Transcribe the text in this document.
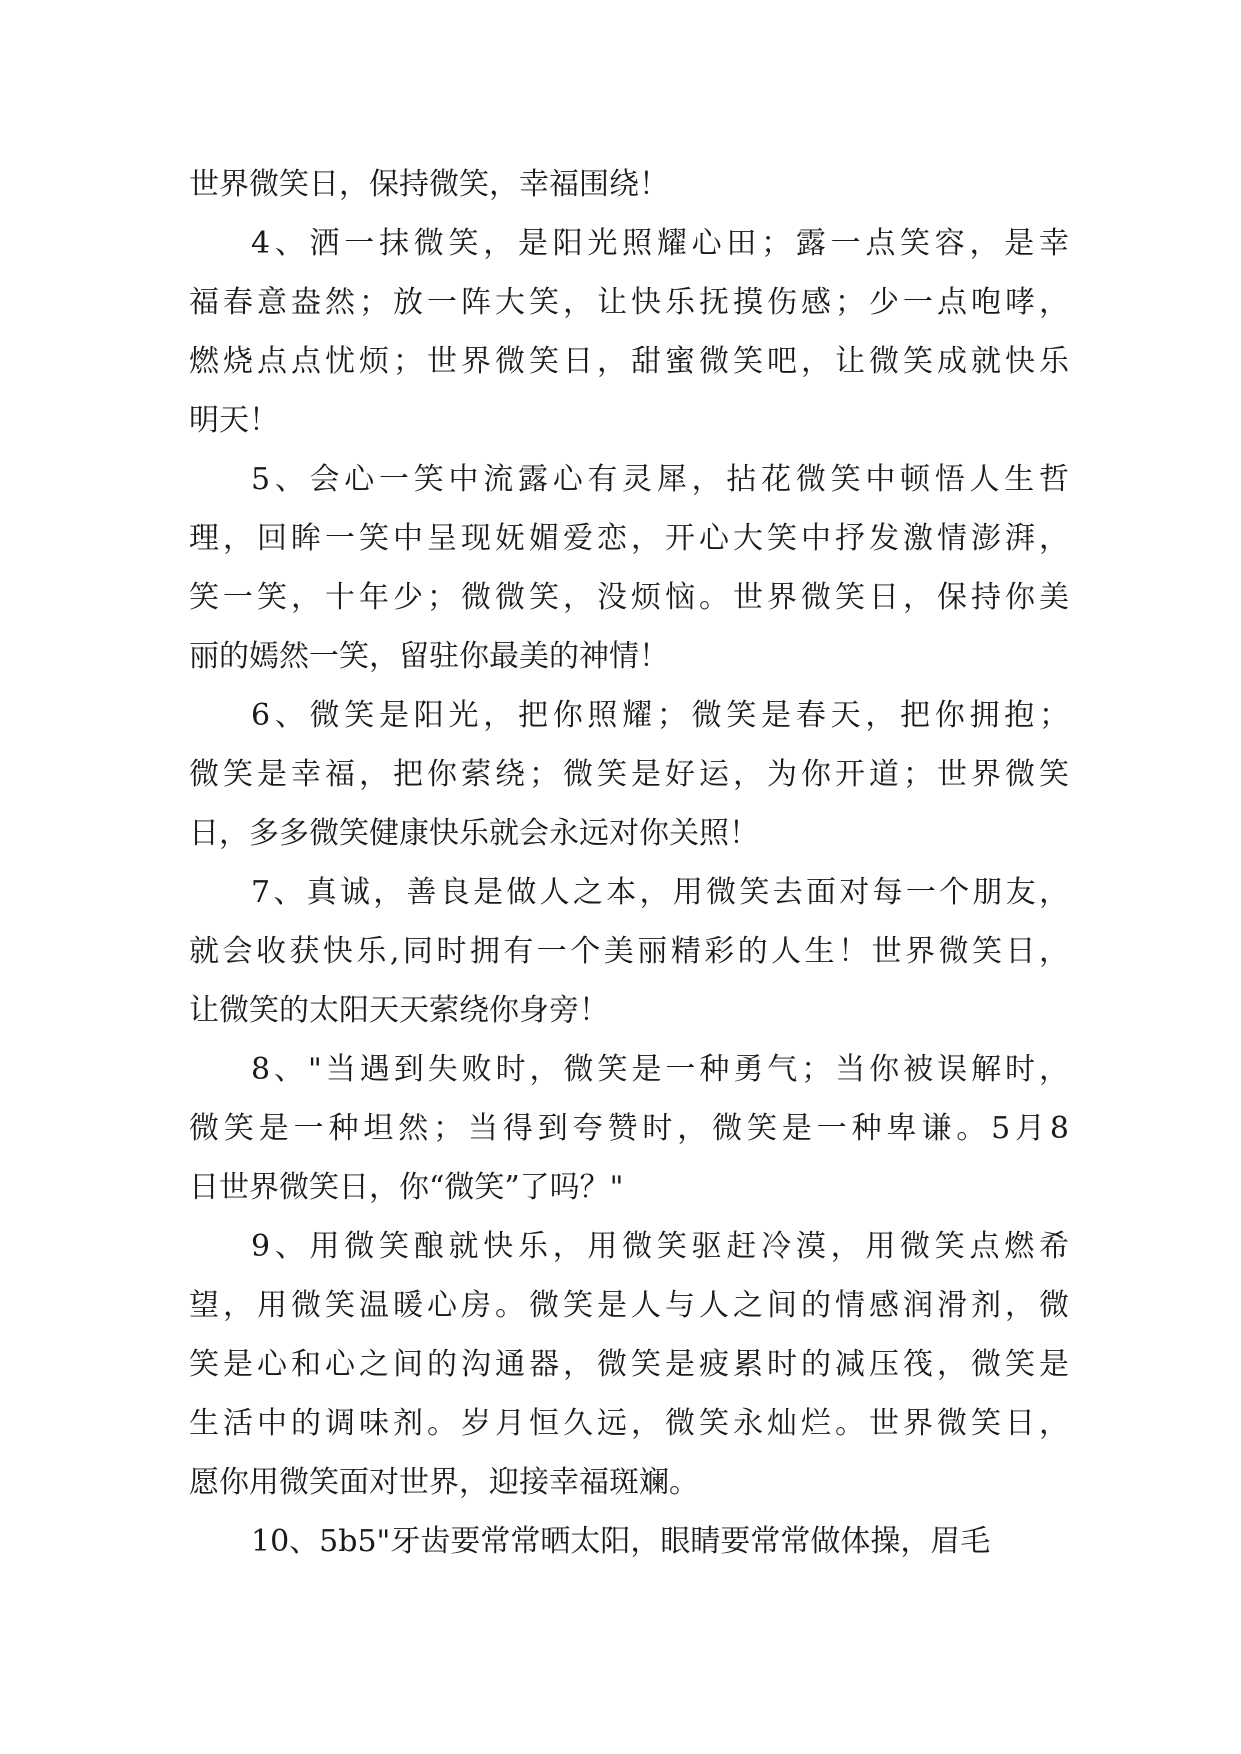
世界微笑日，保持微笑，幸福围绕！
4、洒一抹微笑，是阳光照耀心田；露一点笑容，是幸
福春意盎然；放一阵大笑，让快乐抚摸伤感；少一点咆哮，
燃烧点点忧烦；世界微笑日，甜蜜微笑吧，让微笑成就快乐
明天！
5、会心一笑中流露心有灵犀，拈花微笑中顿悟人生哲
理，回眸一笑中呈现妩媚爱恋，开心大笑中抒发激情澎湃，
笑一笑，十年少；微微笑，没烦恼。世界微笑日，保持你美
丽的嫣然一笑，留驻你最美的神情！
6、微笑是阳光，把你照耀；微笑是春天，把你拥抱；
微笑是幸福，把你萦绕；微笑是好运，为你开道；世界微笑
日，多多微笑健康快乐就会永远对你关照！
7、真诚，善良是做人之本，用微笑去面对每一个朋友，
就会收获快乐,同时拥有一个美丽精彩的人生！世界微笑日，
让微笑的太阳天天萦绕你身旁！
8、"当遇到失败时，微笑是一种勇气；当你被误解时，
微笑是一种坦然；当得到夸赞时，微笑是一种卑谦。5月8
日世界微笑日，你“微笑”了吗？"
9、用微笑酿就快乐，用微笑驱赶冷漠，用微笑点燃希
望，用微笑温暖心房。微笑是人与人之间的情感润滑剂，微
笑是心和心之间的沟通器，微笑是疲累时的减压筏，微笑是
生活中的调味剂。岁月恒久远，微笑永灿烂。世界微笑日，
愿你用微笑面对世界，迎接幸福斑斓。
10、5b5"牙齿要常常晒太阳，眼睛要常常做体操，眉毛
